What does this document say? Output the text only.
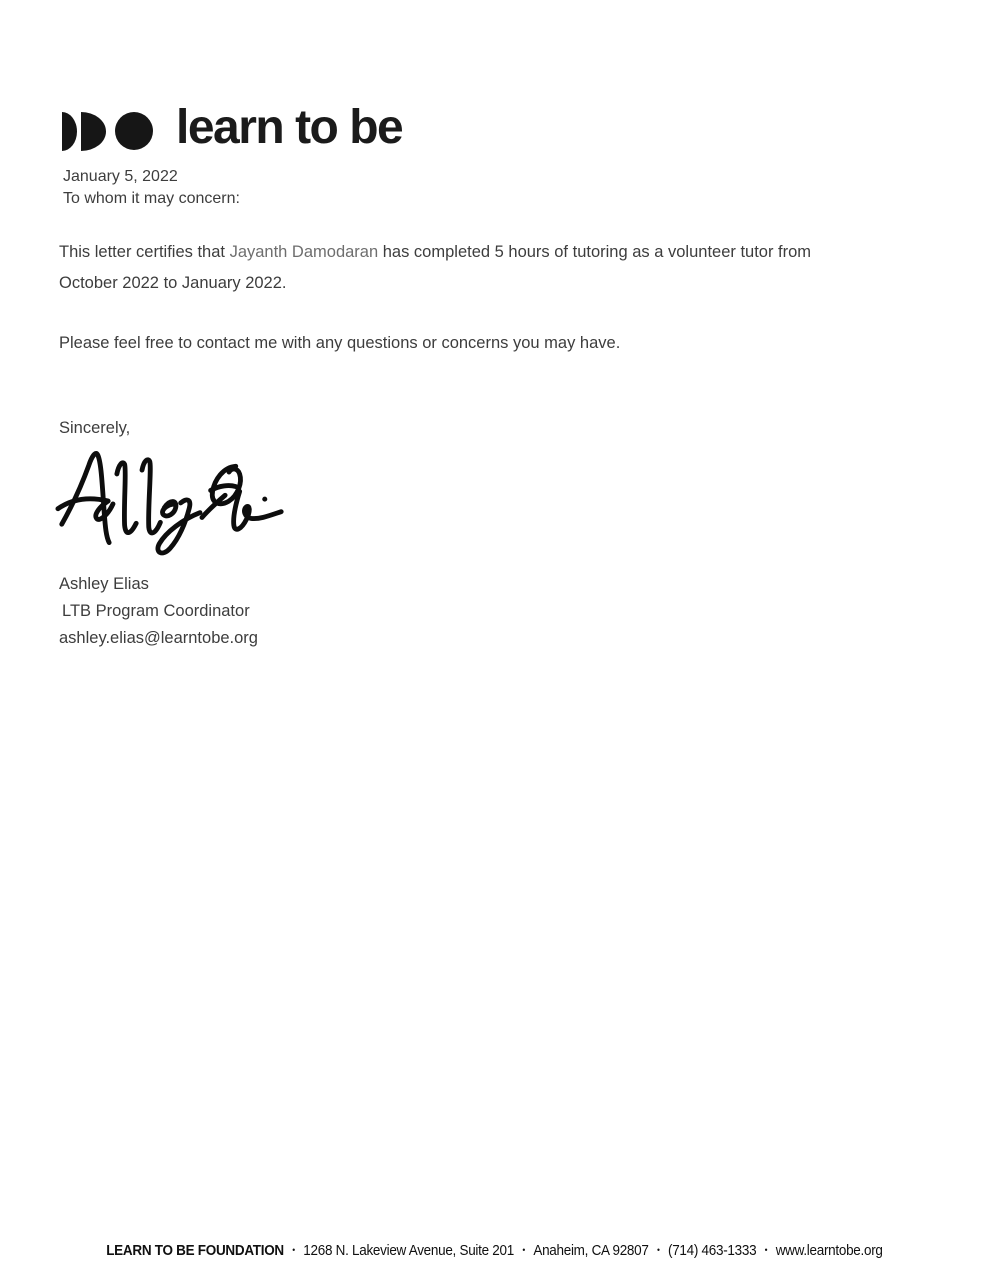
learn to be
January 5, 2022
To whom it may concern:

This letter certifies that Jayanth Damodaran has completed 5 hours of tutoring as a volunteer tutor from October 2022 to January 2022.

Please feel free to contact me with any questions or concerns you may have.

Sincerely,

Ashley Elias
LTB Program Coordinator
ashley.elias@learntobe.org
LEARN TO BE FOUNDATION • 1268 N. Lakeview Avenue, Suite 201 • Anaheim, CA 92807 • (714) 463-1333 • www.learntobe.org
